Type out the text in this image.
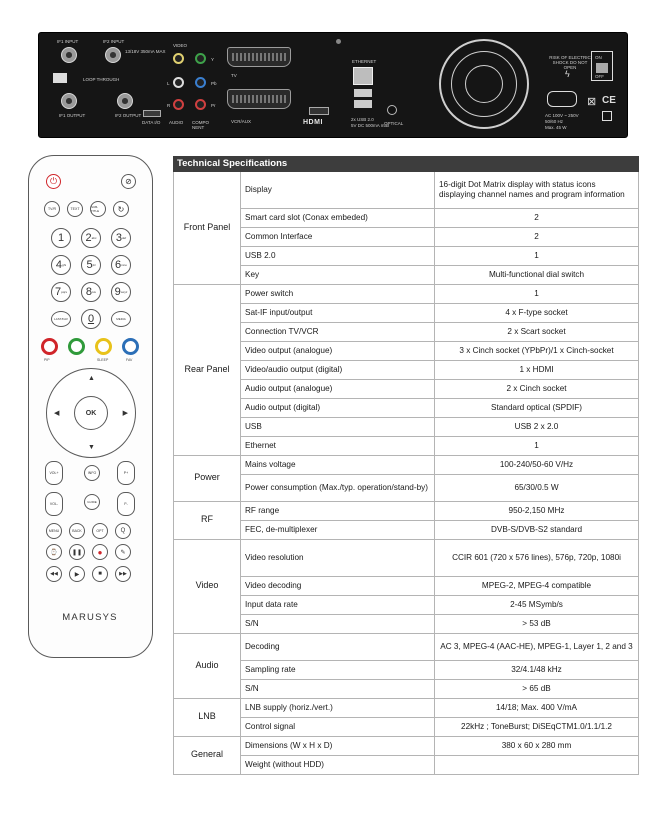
IF1 INPUT	IF2 INPUT
13/18V 350mA MAX
LOOP THROUGH
IF1 OUTPUT	IF2 OUTPUT
DATA I/O
VIDEO
L
R
Y
Pb
Pr
AUDIO COMPO NENT
TV
VCR/AUX	HDMI
ETHERNET
2x USB 2.0
5V DC 500mA max
OPTICAL
RISK OF ELECTRIC SHOCK DO NOT OPEN
ϟ
ON
OFF
AC 100V ~ 250V
50/60 Hz
Max. 45 W
⊠ CE
⏻	⊘
TV/R	TEXT	SUB-TITLE	↻
1 2 abc 3 def
4 ghi 5 jkl 6 mno
7 pqrs 8 tuv 9 wxyz
LAST/FAV	0	MEDIA
PIP	SLEEP	FAV
▲
▼
◀	▶
OK
VOL+	INFO	P+
VOL-	GUIDE	P-
MENU	BACK	OPT	Q
⌚ ❚❚ ●	✎
◀◀	▶	■	▶▶
MARUSYS
Technical Specifications		
Front Panel	Display	16-digit Dot Matrix display with status icons displaying channel names and program information
	Smart card slot (Conax embeded)	2
	Common Interface	2
	USB 2.0	1
	Key	Multi-functional dial switch
Rear Panel	Power switch	1
	Sat-IF input/output	4 x F-type socket
	Connection TV/VCR	2 x Scart socket
	Video output (analogue)	3 x Cinch socket (YPbPr)/1 x Cinch-socket
	Video/audio output (digital)	1 x HDMI
	Audio output (analogue)	2 x Cinch socket
	Audio output (digital)	Standard optical (SPDIF)
	USB	USB 2 x 2.0
	Ethernet	1
Power	Mains voltage	100-240/50-60 V/Hz
	Power consumption (Max./typ. operation/stand-by)	65/30/0.5 W
RF	RF range	950-2,150 MHz
	FEC, de-multiplexer	DVB-S/DVB-S2 standard
Video	Video resolution	CCIR 601 (720 x 576 lines), 576p, 720p, 1080i
	Video decoding	MPEG-2, MPEG-4 compatible
	Input data rate	2-45 MSymb/s
	S/N	> 53 dB
Audio	Decoding	AC 3, MPEG-4 (AAC-HE), MPEG-1, Layer 1, 2 and 3
	Sampling rate	32/4.1/48 kHz
	S/N	> 65 dB
LNB	LNB supply (horiz./vert.)	14/18; Max. 400 V/mA
	Control signal	22kHz ; ToneBurst; DiSEqCTM1.0/1.1/1.2
General	Dimensions (W x H x D)	380 x 60 x 280 mm
	Weight (without HDD)	
